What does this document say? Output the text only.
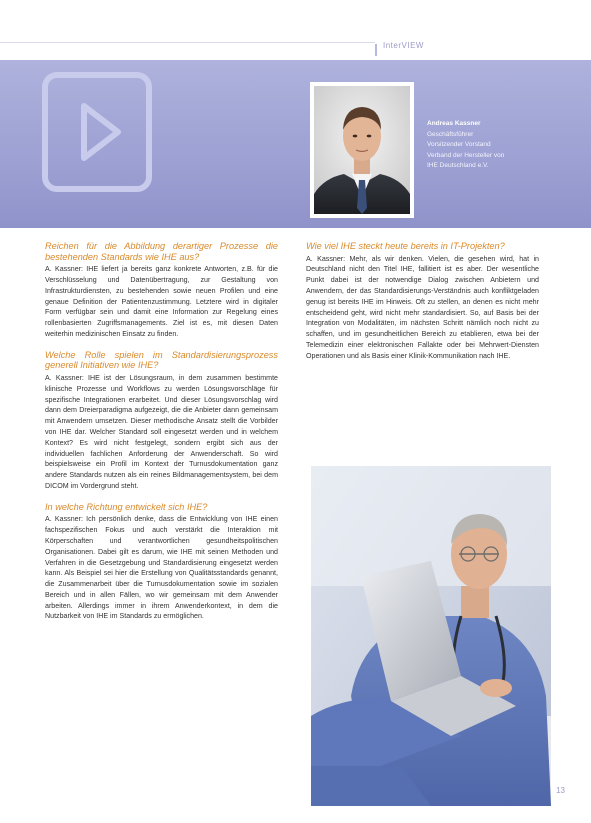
InterVIEW
Andreas Kassner
Geschäftsführer
Vorsitzender Vorstand
Verband der Hersteller von
IHE Deutschland e.V.
Reichen für die Abbildung derartiger Prozesse die bestehenden Standards wie IHE aus?
A. Kassner: IHE liefert ja bereits ganz konkrete Antworten, z.B. für die Verschlüsselung und Datenübertragung, zur Gestaltung von Infrastrukturdiensten, zu bestehenden sowie neuen Profilen und eine genaue Definition der Patientenzustimmung. Letztere wird in digitaler Form verfügbar sein und damit eine Information zur Regelung eines rollenbasierten Zugriffsmanagements. Ziel ist es, mit diesen Daten weiterhin medizinischen Einsatz zu finden.
Welche Rolle spielen im Standardisierungsprozess generell Initiativen wie IHE?
A. Kassner: IHE ist der Lösungsraum, in dem zusammen bestimmte klinische Prozesse und Workflows zu werden Lösungsvorschläge für spezifische Integrationen erarbeitet. Und dieser Lösungsvorschlag wird dann dem Dreierparadigma aufgezeigt, die die Anbieter dann gemeinsam mit Anwendern umsetzen. Dieser methodische Ansatz stellt die Vorbilder von IHE dar. Welcher Standard soll eingesetzt werden und in welchem Kontext? Es wird nicht festgelegt, sondern ergibt sich aus der individuellen fachlichen Anforderung der Anwenderschaft. So wird beispielsweise ein Profil im Kontext der Turnusdokumentation ganz andere Standards nutzen als ein reines Bildmanagementsystem, bei dem DICOM im Vordergrund steht.
In welche Richtung entwickelt sich IHE?
A. Kassner: Ich persönlich denke, dass die Entwicklung von IHE einen fachspezifischen Fokus und auch verstärkt die Interaktion mit Körperschaften und verantwortlichen gesundheitspolitischen Organisationen. Dabei gilt es darum, wie IHE mit seinen Methoden und Verfahren in die Gesetzgebung und Standardisierung eingesetzt werden kann. Als Beispiel sei hier die Erstellung von Qualitätsstandards genannt, die Zusammenarbeit über die Turnusdokumentation sowie im sozialen Bereich und in allen Fällen, wo wir gemeinsam mit dem Anwender arbeiten. Allerdings immer in ihrem Anwenderkontext, in dem die Nutzbarkeit von IHE im Standards zu ermöglichen.
Wie viel IHE steckt heute bereits in IT-Projekten?
A. Kassner: Mehr, als wir denken. Vielen, die gesehen wird, hat in Deutschland nicht den Titel IHE, fallitiert ist es aber. Der wesentliche Punkt dabei ist der notwendige Dialog zwischen Anbietern und Anwendern, der das Standardisierungs-Verständnis auch konfliktgeladen genug ist bereits IHE im Hinweis. Oft zu stellen, an denen es nicht mehr entscheidend geht, wird nicht mehr standardisiert. So, auf Basis bei der Integration von Modalitäten, im nächsten Schritt nämlich noch nicht zu schaffen, und im gesundheitlichen Bereich zu etablieren, etwa bei der Telemedizin einer elektronischen Fallakte oder bei Mehrwert-Diensten Operationen und als Basis einer Klinik-Kommunikation nach IHE.
13
